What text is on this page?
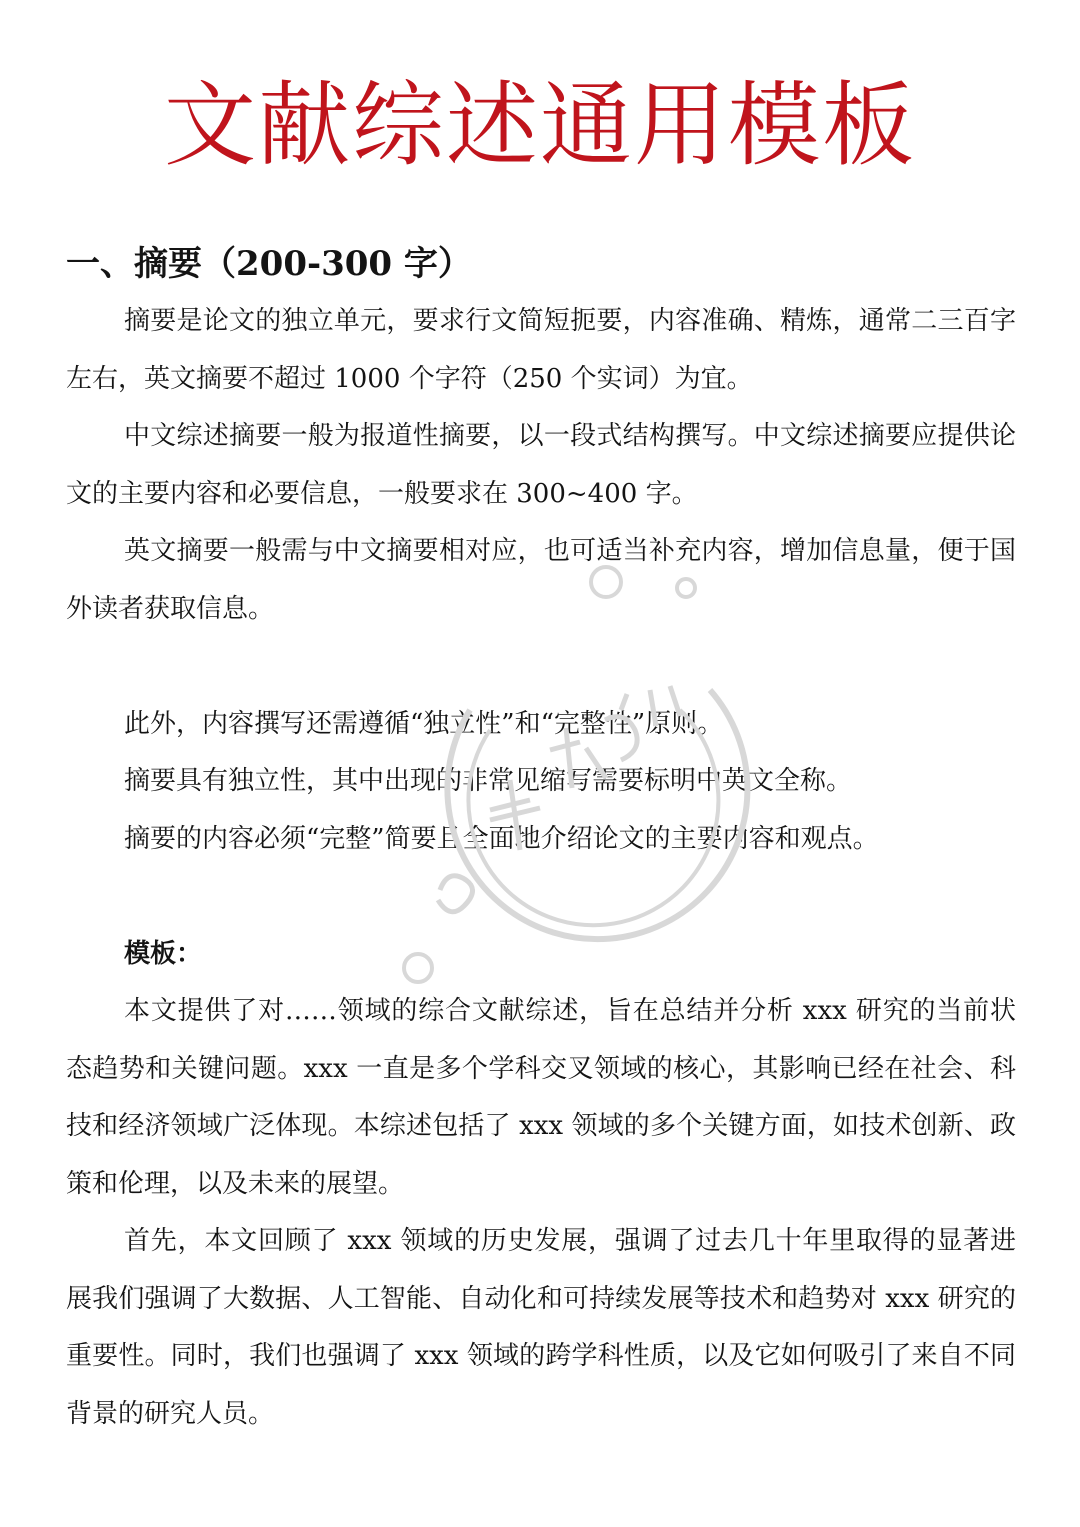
文献综述通用模板
一、摘要（200-300 字）

摘要是论文的独立单元，要求行文简短扼要，内容准确、精炼，通常二三百字左右，英文摘要不超过 1000 个字符（250 个实词）为宜。

中文综述摘要一般为报道性摘要，以一段式结构撰写。中文综述摘要应提供论文的主要内容和必要信息，一般要求在 300~400 字。

英文摘要一般需与中文摘要相对应，也可适当补充内容，增加信息量，便于国外读者获取信息。

此外，内容撰写还需遵循“独立性”和“完整性”原则。

摘要具有独立性，其中出现的非常见缩写需要标明中英文全称。

摘要的内容必须“完整”简要且全面地介绍论文的主要内容和观点。

模板：

本文提供了对……领域的综合文献综述，旨在总结并分析 xxx 研究的当前状态趋势和关键问题。xxx 一直是多个学科交叉领域的核心，其影响已经在社会、科技和经济领域广泛体现。本综述包括了 xxx 领域的多个关键方面，如技术创新、政策和伦理，以及未来的展望。

首先，本文回顾了 xxx 领域的历史发展，强调了过去几十年里取得的显著进展我们强调了大数据、人工智能、自动化和可持续发展等技术和趋势对 xxx 研究的重要性。同时，我们也强调了 xxx 领域的跨学科性质，以及它如何吸引了来自不同背景的研究人员。
